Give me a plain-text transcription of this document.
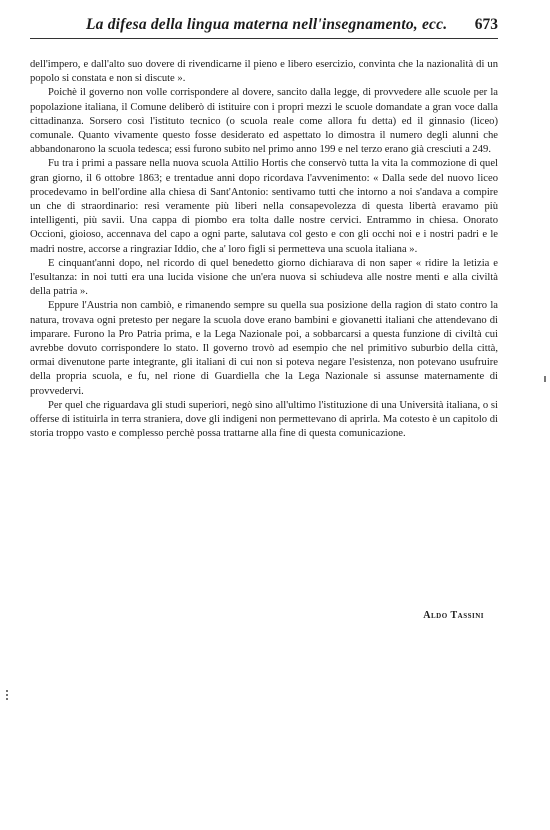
La difesa della lingua materna nell'insegnamento, ecc. 673

dell'impero, e dall'alto suo dovere di rivendicarne il pieno e libero esercizio, convinta che la nazionalità di un popolo si constata e non si discute ».

Poichè il governo non volle corrispondere al dovere, sancito dalla legge, di provvedere alle scuole per la popolazione italiana, il Comune deliberò di istituire con i propri mezzi le scuole domandate a gran voce dalla cittadinanza. Sorsero così l'istituto tecnico (o scuola reale come allora fu detta) ed il ginnasio (liceo) comunale. Quanto vivamente questo fosse desiderato ed aspettato lo dimostra il numero degli alunni che abbandonarono la scuola tedesca; essi furono subito nel primo anno 199 e nel terzo erano già cresciuti a 249.

Fu tra i primi a passare nella nuova scuola Attilio Hortis che conservò tutta la vita la commozione di quel gran giorno, il 6 ottobre 1863; e trentadue anni dopo ricordava l'avvenimento: « Dalla sede del nuovo liceo procedevamo in bell'ordine alla chiesa di Sant'Antonio: sentivamo tutti che intorno a noi s'andava a compire un che di straordinario: resi veramente più liberi nella consapevolezza di questa libertà eravamo più intelligenti, più savii. Una cappa di piombo era tolta dalle nostre cervici. Entrammo in chiesa. Onorato Occioni, gioioso, accennava del capo a ogni parte, salutava col gesto e con gli occhi noi e i nostri padri e le madri nostre, accorse a ringraziar Iddio, che a' loro figli si permetteva una scuola italiana ».

E cinquant'anni dopo, nel ricordo di quel benedetto giorno dichiarava di non saper « ridire la letizia e l'esultanza: in noi tutti era una lucida visione che un'era nuova si schiudeva alle nostre menti e alla civiltà della patria ».

Eppure l'Austria non cambiò, e rimanendo sempre su quella sua posizione della ragion di stato contro la natura, trovava ogni pretesto per negare la scuola dove erano bambini e giovanetti italiani che attendevano di imparare. Furono la Pro Patria prima, e la Lega Nazionale poi, a sobbarcarsi a questa funzione di civiltà cui avrebbe dovuto corrispondere lo stato. Il governo trovò ad esempio che nel primitivo suburbio della città, ormai divenutone parte integrante, gli italiani di cui non si poteva negare l'esistenza, non potevano usufruire della propria scuola, e fu, nel rione di Guardiella che la Lega Nazionale si assunse maternamente di provvedervi.

Per quel che riguardava gli studi superiori, negò sino all'ultimo l'istituzione di una Università italiana, o si offerse di istituirla in terra straniera, dove gli indigeni non permettevano di aprirla. Ma cotesto è un capitolo di storia troppo vasto e complesso perchè possa trattarne alla fine di questa comunicazione.

Aldo Tassini
